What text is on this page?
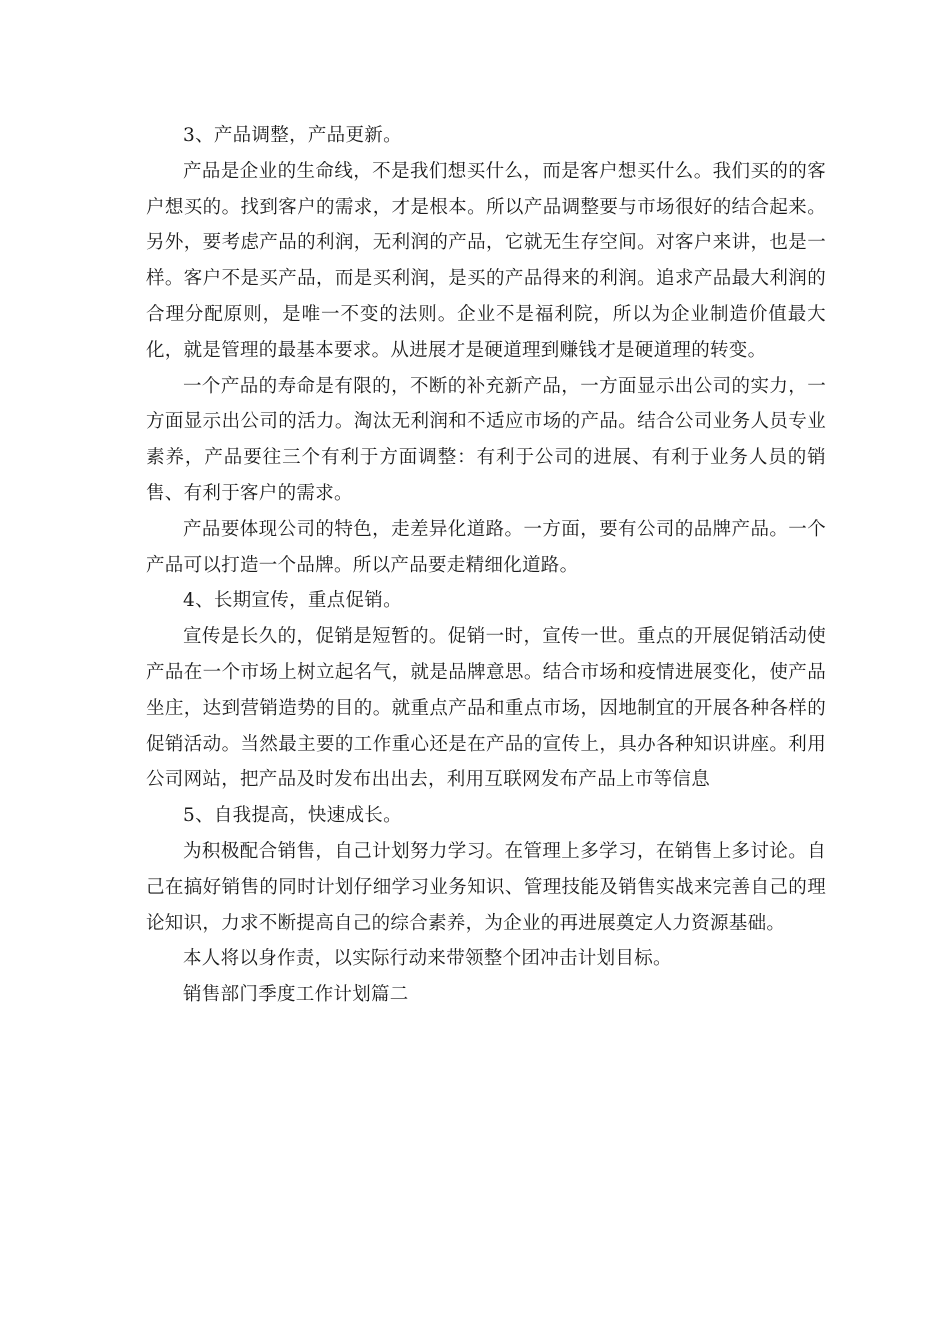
3、产品调整，产品更新。

产品是企业的生命线，不是我们想买什么，而是客户想买什么。我们买的的客户想买的。找到客户的需求，才是根本。所以产品调整要与市场很好的结合起来。另外，要考虑产品的利润，无利润的产品，它就无生存空间。对客户来讲，也是一样。客户不是买产品，而是买利润，是买的产品得来的利润。追求产品最大利润的合理分配原则，是唯一不变的法则。企业不是福利院，所以为企业制造价值最大化，就是管理的最基本要求。从进展才是硬道理到赚钱才是硬道理的转变。

一个产品的寿命是有限的，不断的补充新产品，一方面显示出公司的实力，一方面显示出公司的活力。淘汰无利润和不适应市场的产品。结合公司业务人员专业素养，产品要往三个有利于方面调整：有利于公司的进展、有利于业务人员的销售、有利于客户的需求。

产品要体现公司的特色，走差异化道路。一方面，要有公司的品牌产品。一个产品可以打造一个品牌。所以产品要走精细化道路。

4、长期宣传，重点促销。

宣传是长久的，促销是短暂的。促销一时，宣传一世。重点的开展促销活动使产品在一个市场上树立起名气，就是品牌意思。结合市场和疫情进展变化，使产品坐庄，达到营销造势的目的。就重点产品和重点市场，因地制宜的开展各种各样的促销活动。当然最主要的工作重心还是在产品的宣传上，具办各种知识讲座。利用公司网站，把产品及时发布出出去，利用互联网发布产品上市等信息

5、自我提高，快速成长。

为积极配合销售，自己计划努力学习。在管理上多学习，在销售上多讨论。自己在搞好销售的同时计划仔细学习业务知识、管理技能及销售实战来完善自己的理论知识，力求不断提高自己的综合素养，为企业的再进展奠定人力资源基础。

本人将以身作责，以实际行动来带领整个团冲击计划目标。

销售部门季度工作计划篇二
